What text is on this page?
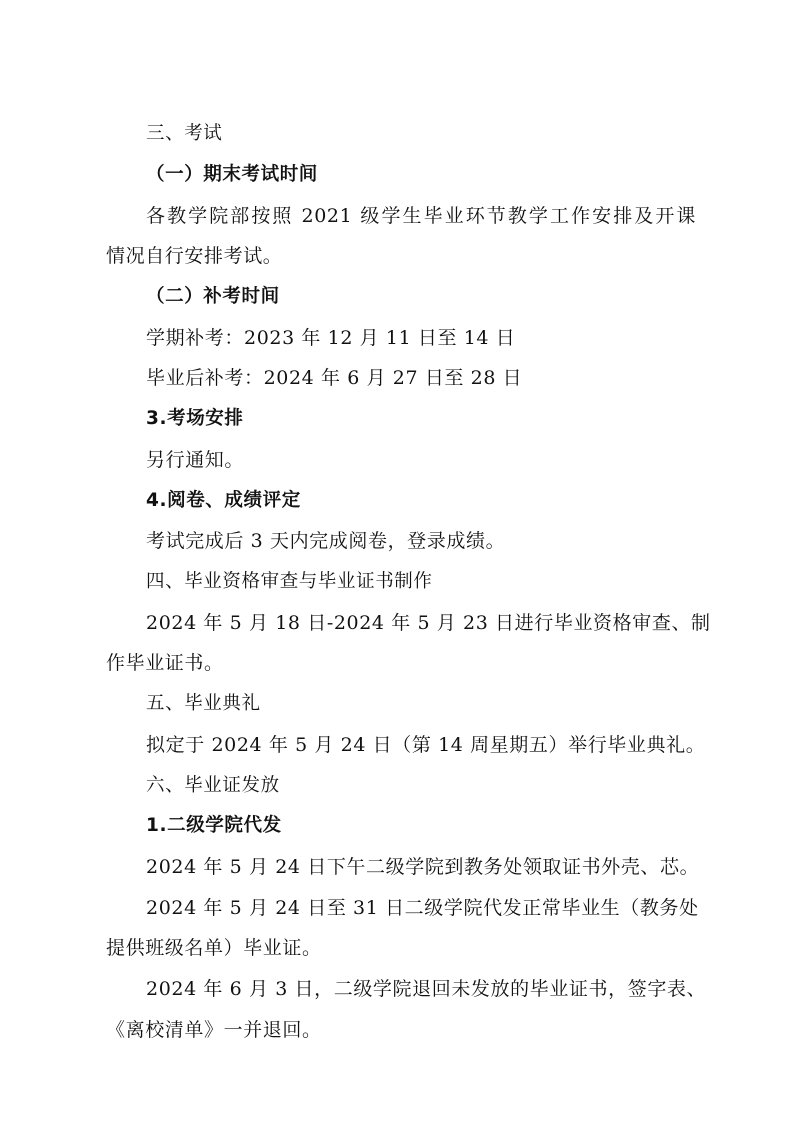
三、考试
（一）期末考试时间
各教学院部按照 2021 级学生毕业环节教学工作安排及开课
情况自行安排考试。
（二）补考时间
学期补考：2023 年 12 月 11 日至 14 日
毕业后补考：2024 年 6 月 27 日至 28 日
3.考场安排
另行通知。
4.阅卷、成绩评定
考试完成后 3 天内完成阅卷，登录成绩。
四、毕业资格审查与毕业证书制作
2024 年 5 月 18 日-2024 年 5 月 23 日进行毕业资格审查、制
作毕业证书。
五、毕业典礼
拟定于 2024 年 5 月 24 日（第 14 周星期五）举行毕业典礼。
六、毕业证发放
1.二级学院代发
2024 年 5 月 24 日下午二级学院到教务处领取证书外壳、芯。
2024 年 5 月 24 日至 31 日二级学院代发正常毕业生（教务处
提供班级名单）毕业证。
2024 年 6 月 3 日，二级学院退回未发放的毕业证书，签字表、
《离校清单》一并退回。
